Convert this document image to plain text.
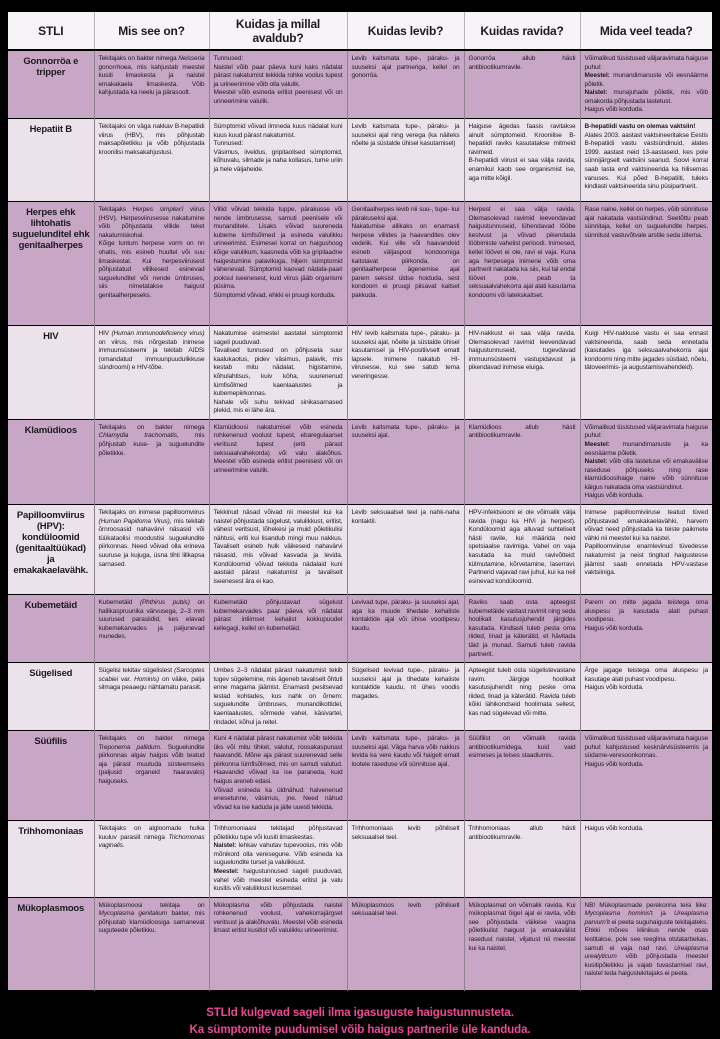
STLI	Mis see on?	Kuidas ja millal avaldub?	Kuidas levib?	Kuidas ravida?	Mida veel teada?
Gonnorröa e tripper	Tekitajaks on bakter nimega Neisseria gonorrhoea, mis kahjustab meestel kusiti limaskesta ja naistel emakakaela limaskesta. Võib kahjustada ka neelu ja pärasoolt.	Tunnused:
Naistel võib paar päeva kuni kaks nädalat pärast nakatumist tekkida rohke voolus tupest ja urineerimine võib olla valulik.
Meestel võib esineda eritist peenisest või on urineerimine valulik.	Levib kaitsmata tupe-, päraku- ja suuseksi ajal partneriga, kellel on gonorröa.	Gonorröa allub hästi antibiootikumravile.	Võimalikud tüsistused väljaravimata haiguse puhul:
Meestel: munandimanuste või eesnäärme põletik.
Naistel: munajuhade põletik, mis võib omakorda põhjustada lastetust.
Haigus võib korduda.
Hepatiit B	Tekitajaks on väga nakkav B-hepatiidi viirus (HBV), mis põhjustab maksapõletikku ja võib põhjustada kroonilisi maksakahjustusi.	Sümptomid võivad ilmneda kuus nädalat kuni kuus kuud pärast nakatumist.
Tunnused:
Väsimus, iiveldus, gripitaolised sümptomid, kõhuvalu, silmade ja naha kollasus, tume uriin ja hele väljaheide.	Levib kaitsmata tupe-, päraku- ja suuseksi ajal ning verega (ka näiteks nõelte ja süstalde ühisel kasutamisel)	Haiguse ägedas faasis ravitakse ainult sümptomeid. Kroonilise B-hepatiidi raviks kasutatakse mitmeid ravimeid.
B-hepatiidi viirust ei saa välja ravida, enamikul kaob see organismist ise, aga mitte kõigil.	B-hepatiidi vastu on olemas vaktsiin!
Alates 2003. aastast vaktsineeritakse Eestis B-hepatiidi vastu vastsündinuid, alates 1999. aastast neid 13-aastaseid, kes pole sünnijärgselt vaktsiini saanud. Soovi korral saab lasta end vaktsineerida ka hilisemas vanuses. Kui põed B-hepatiiti, tuleks kindlasti vaktsineerida sinu püsipartnerit.
Herpes ehk lihtohatis suguelunditel ehk genitaalherpes	Tekitajaks Herpes simplex'i viirus (HSV). Herpesviirusesse nakatumine võib põhjustada villide teket nakatumiskohal.
Kõige tuntum herpese vorm on nn ohatis, mis esineb huultel või suu limaskestal. Kui herpesviirusest põhjustatud villikesed esinevad suguelunditel või nende ümbruses, siis nimetatakse haigust genitaalherpeseks.	Villid võivad tekkida tuppe, pärakusse või nende ümbrusesse, samuti peenisele või munanditele. Lisaks võivad suureneda kubeme lümfisõlmed ja esineda valulikku urineerimist. Esimesel korral on haigushoog kõige valulikum, kaasneda võib ka gripilaadne haigestumine palavikuga, hiljem sümptomid vähenevad. Sümptomid kaovad nädala-paari jooksul iseenesest, kuid viirus jääb organismi püsima.
Sümptomid võivad, ehkki ei pruugi korduda.	Genitaalherpes levib nii suu-, tupe- kui pärakuseksi ajal.
Nakatumise allikaks on enamasti herpese villides ja haavandites olev vedelik. Kui ville või haavandeid esineb väljaspool kondoomiga kaitstavat piirkonda, on genitaalherpese ägenemise ajal parem seksist üldse hoiduda, sest kondoom ei pruugi piisavat kaitset pakkuda.	Herpest ei saa välja ravida. Olemasolevad ravimid leevendavad haigustunnuseid, lühendavad lööbe kestvust ja võivad pikendada lööbimiste vahelist perioodi. Inimesed, kellel löövet ei ole, ravi ei vaja. Kuna aga herpesega inimene võib oma partnerit nakatada ka siis, kui tal endal löövet pole, peab ta seksuaalvahekorra ajal alati kasutama kondoomi või latekskaitset.	Rase naine, kellel on herpes, võib sünnituse ajal nakatada vastsündinut. Seetõttu peab sünnitaja, kellel on suguelundite herpes, sünnitust vastuvõtvale arstile seda ütlema.
HIV	HIV (Human immunodeficiency virus) on viirus, mis nõrgestab inimese immuunsüsteemi ja tekitab AIDSi (omandatud immuunpuudulikkuse sündroomi) e HIV-tõbe.	Nakatumise esimestel aastatel sümptomid sageli puuduvad.
Tavalised tunnused on põhjuseta suur kaalukaotus, pidev väsimus, palavik, mis kestab mitu nädalat, higistamine, kõhulahtisus, kuiv köha, suurenenud lümfisõlmed kaenlaalustes ja kubemepiirkonnas.
Nahale või suhu tekivad sinikasarnased plekid, mis ei lähe ära.	HIV levib kaitsmata tupe-, päraku- ja suuseksi ajal, nõelte ja süstalde ühisel kasutamisel ja HIV-positiivselt emalt lapsele. Inimene nakatub HI-viirusesse, kui see satub tema vereringesse.	HIV-nakkust ei saa välja ravida. Olemasolevad ravimid leevendavad haigustunnuseid, tugevdavad immuunsüsteemi vastupidavust ja pikendavad inimese eluiga.	Kuigi HIV-nakkuse vastu ei saa ennast vaktsineerida, saab seda ennetada (kasutades iga seksuaalvahekorra ajal kondoomi ning mitte jagades süstlaid, nõelu, tätoveerimis- ja augustamisvahendeid).
Klamüdioos	Tekitajaks on bakter nimega Chlamydia trachomatis, mis põhjustab kuse- ja suguelundite põletikke.	Klamüdioosi nakatumisel võib esineda rohkenenud voolust tupest, ebaregulaarset veritsust tupest (eriti pärast seksuaalvahekorda) või valu alakõhus. Meestel võib esineda eritist peenisest või on urineerimine valulik.	Levib kaitsmata tupe-, päraku- ja suuseksi ajal.	Klamüdioos allub hästi antibiootikumravile.	Võimalikud tüsistused väljaravimata haiguse puhul:
Meestel: munandimanuste ja ka eesnäärme põletik.
Naistel: võib olla lastetuse või emakavälise raseduse põhjuseks ning rase klamüdioosihaige naine võib sünnituse käigus nakatada oma vastsündinut.
Haigus võib korduda.
Papilloomviirus (HPV): kondüloomid (genitaaltüükad) ja emakakaelavähk.	Tekitajaks on inimese papilloomviirus (Human Papilloma Virus), mis tekitab õrnroosasid nahavärvi näsasid või tüükataolisi moodustisi suguelundite piirkonnas. Need võivad olla erineva suuruse ja kujuga, üsna tihti lillkapsa sarnased.	Tekkinud näsad võivad nii meestel kui ka naistel põhjustada sügelust, valulikkust, eritist, vähest veritsust, lõhekesi ja muid põletikulisi nähtusi, eriti kui lisandub mingi muu nakkus. Tavaliselt esineb hulk väikeseid nahavärvi näsasid, mis võivad kasvada ja levida. Kondüloomid võivad tekkida nädalaid kuni aastaid pärast nakatumist ja tavaliselt iseenesest ära ei kao.	Levib seksuaalsel teel ja nahk-naha kontaktil.	HPV-infektsiooni ei ole võimalik välja ravida (nagu ka HIVi ja herpest). Kondüloomid aga alluvad suhteliselt hästi ravile, kui määrida neid spetsiaalse ravimiga. Vahel on vaja kasutada ka muid ravivõtteid: külmutamine, kõrvetamine, laserravi. Partnerid vajavad ravi juhul, kui ka neil esinevad kondüloomid.	Inimese papilloomiviiruse teatud tüved põhjustavad emakakaelavähki, harvem võivad need põhjustada ka teiste paikmete vähki nii meestel kui ka naistel.
Papilloomviiruse enamlevinud tüvedesse nakatumist ja neist tingitud haigustesse jäämist saab ennetada HPV-vastase vaktsiiniga.
Kubemetäid	Kubemetäid (Phthirus pubis) on hallikaspruunika värvusega, 2–3 mm suurused parasiidid, kes elavad kubemekarvades ja paljunevad munedes.	Kubemetäid põhjustavad sügelust kubemekarvades paar päeva või nädalat pärast intiimset kehalist kokkupuudet kellegagi, kellel on kubemetäid.	Levivad tupe, päraku- ja suuseksi ajal, aga ka muude tihedate kehaliste kontaktide ajal või ühise voodipesu kaudu.	Raviks saab osta apteegist kubemetäide vastast ravimit ning seda hoolikalt kasutusjuhendit järgides kasutada. Kindlasti tuleb pesta oma riided, linad ja käterätid, et hävitada täid ja munad. Samuti tuleb ravida partnerit.	Parem on mitte jagada teistega oma aluspesu ja kasutada alati puhast voodipesu.
Haigus võib korduda.
Sügelised	Sügelisi tekitav sügelislest (Sarcoptes scabiei var. Hominis) on väike, palja silmaga peaaegu nähtamatu parasiit.	Umbes 2–3 nädalat pärast nakatumist tekib tugev sügelemine, mis ägeneb tavaliselt õhtuti enne magama jäämist. Enamasti pesitsevad lestad kohtades, kus nahk on õrnem: suguelundite ümbruses, munandikottidel, kaenlaalustes, sõrmede vahel, käsivartel, rindadel, kõhul ja reitel.	Sügelised levivad tupe-, päraku- ja suuseksi ajal ja tihedate kehaliste kontaktide kaudu, nt ühes voodis magades.	Apteegist tuleb osta sügelistevastane ravim. Järgige hoolikalt kasutusjuhendit ning peske oma riided, linad ja käterätid. Ravida tuleb kõiki lähikondseid hoolimata sellest, kas nad sügelevad või mitte.	Ärge jagage teistega oma aluspesu ja kasutage alati puhast voodipesu.
Haigus võib korduda.
Süüfilis	Tekitajaks on bakter nimega Treponema pallidum. Suguelundite piirkonnas algav haigus võib teatud aja pärast muutuda süsteemseks (paljusid organeid haaravaks) haiguseks.	Kuni 4 nädalat pärast nakatumist võib tekkida üks või mitu tihket, valutut, roosakaspunast haavandit. Mõne aja pärast suurenevad selle piirkonna lümfisõlmed, mis on samuti valutud. Haavandid võivad ka ise paraneda, kuid haigus areneb edasi.
Võivad esineda ka üldnähud: halvenenud enesetunne, väsimus, jne. Need nähud võivad ka ise kaduda ja jälle uuesti tekkida.	Levib kaitsmata tupe-, päraku- ja suuseksi ajal. Väga harva võib nakkus levida ka vere kaudu või haigelt emalt lootele raseduse või sünnituse ajal.	Süüfilist on võimalik ravida antibiootikumidega, kuid vaid esimeses ja teises staadiumis.	Võimalikud tüsistused väljaravimata haiguse puhul: kahjustused kesknärvisüsteemis ja südame-veresoonkonnas.
Haigus võib korduda.
Trihhomoniaas	Tekitajaks on algloomade hulka kuuluv parasiit nimega Trichomonas vaginalis.	Trihhomoniaasi tekitajad põhjustavad põletikku tupe või kusiti limaskestas.
Naistel: lehkav vahutav tupevoolus, mis võib mõnikord olla veresegune. Võib esineda ka suguelundite turset ja valulikkust.
Meestel: haigustunnused sageli puuduvad, vahel võib meestel esineda eritist ja valu kusitis või valulikkust kusemisel.	Trihhomoniaas levib põhiliselt seksuaalsel teel.	Trihhomoniaas allub hästi antibiootikumravile.	Haigus võib korduda.
Mükoplasmoos	Mükoplasmoosi tekitaja on Mycoplasma genitalium bakter, mis põhjustab klamüdioosiga sarnanevat suguteede põletikku.	Mükoplasma võib põhjustada naistel rohkenenud voolust, vahekorrajärgset veritsust ja alakõhuvalu. Meestel võib esineda limast eritist kusitist või valulikku urineerimist.	Mükoplasmoos levib põhiliselt seksuaalsel teel.	Mükoplasmat on võimalik ravida. Kui mükoplasmat õigel ajal ei ravita, võib see põhjustada väikese vaagna põletikulist haigust ja emakavälist rasedust naistel, viljatust nii meestel kui ka naistel.	NB! Mükoplasmade perekonna teisi liike: Mycoplasma hominis't ja Ureaplasma parvum'it ei peeta suguhaiguste tekitajateks. Ehkki mõnes kliinikus nende osas testitakse, pole see reeglina otstatarbekas, samuti ei vaja nad ravi. Ureaplasma urealyticum võib põhjustada meestel kusitipõletikku ja vajab tuvastamisel ravi, naistel teda haigustekitajaks ei peeta.
STLId kulgevad sageli ilma igasuguste haigustunnusteta.
Ka sümptomite puudumisel võib haigus partnerile üle kanduda.
